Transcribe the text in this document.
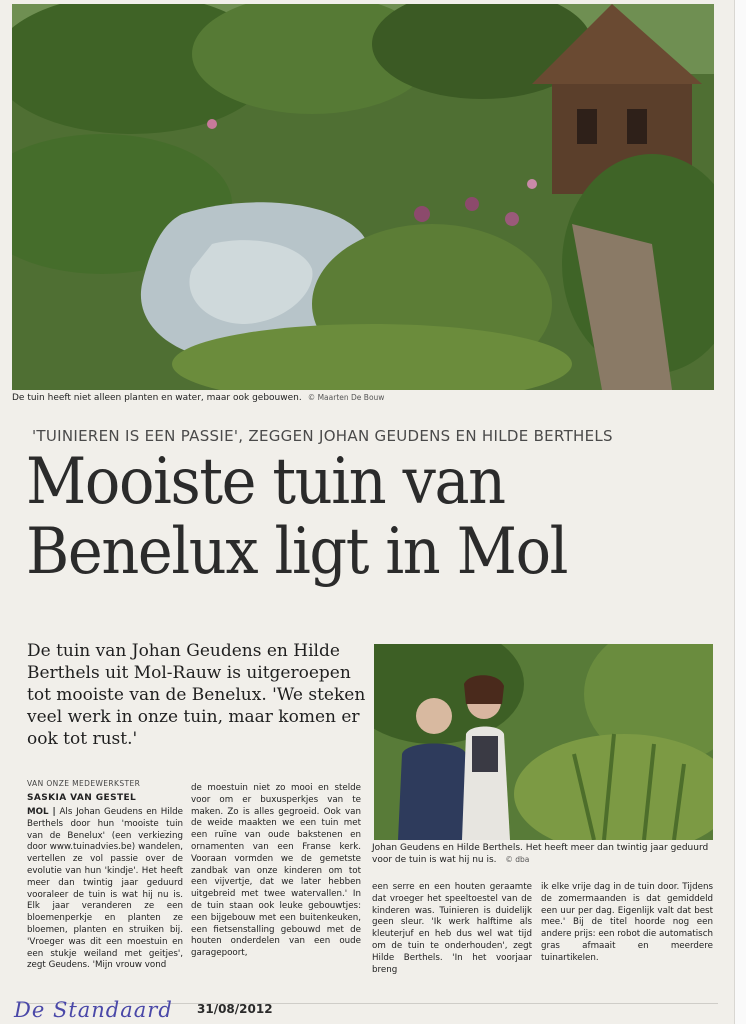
De tuin heeft niet alleen planten en water, maar ook gebouwen. © Maarten De Bouw
'TUINIEREN IS EEN PASSIE', ZEGGEN JOHAN GEUDENS EN HILDE BERTHELS
Mooiste tuin van
Benelux ligt in Mol
De tuin van Johan Geudens en Hilde Berthels uit Mol-Rauw is uitgeroepen tot mooiste van de Benelux. 'We steken veel werk in onze tuin, maar komen er ook tot rust.'
VAN ONZE MEDEWERKSTER
SASKIA VAN GESTEL
MOL | Als Johan Geudens en Hilde Berthels door hun 'mooiste tuin van de Benelux' (een verkiezing door www.tuinadvies.be) wandelen, vertellen ze vol passie over de evolutie van hun 'kindje'. Het heeft meer dan twintig jaar geduurd vooraleer de tuin is wat hij nu is. Elk jaar veranderen ze een bloemenperkje en planten ze bloemen, planten en struiken bij. 'Vroeger was dit een moestuin en een stukje weiland met geitjes', zegt Geudens. 'Mijn vrouw vond
de moestuin niet zo mooi en stelde voor om er buxusperkjes van te maken. Zo is alles gegroeid. Ook van de weide maakten we een tuin met een ruïne van oude bakstenen en ornamenten van een Franse kerk. Vooraan vormden we de gemetste zandbak van onze kinderen om tot een vijvertje, dat we later hebben uitgebreid met twee watervallen.' In de tuin staan ook leuke gebouwtjes: een bijgebouw met een buitenkeuken, een fietsenstalling gebouwd met de houten onderdelen van een oude garagepoort,
Johan Geudens en Hilde Berthels. Het heeft meer dan twintig jaar geduurd voor de tuin is wat hij nu is. © dba
een serre en een houten geraamte dat vroeger het speeltoestel van de kinderen was. Tuinieren is duidelijk geen sleur. 'Ik werk halftime als kleuterjuf en heb dus wel wat tijd om de tuin te onderhouden', zegt Hilde Berthels. 'In het voorjaar breng
ik elke vrije dag in de tuin door. Tijdens de zomermaanden is dat gemiddeld een uur per dag. Eigenlijk valt dat best mee.' Bij de titel hoorde nog een andere prijs: een robot die automatisch gras afmaait en meerdere tuinartikelen.
De Standaard 31/08/2012
